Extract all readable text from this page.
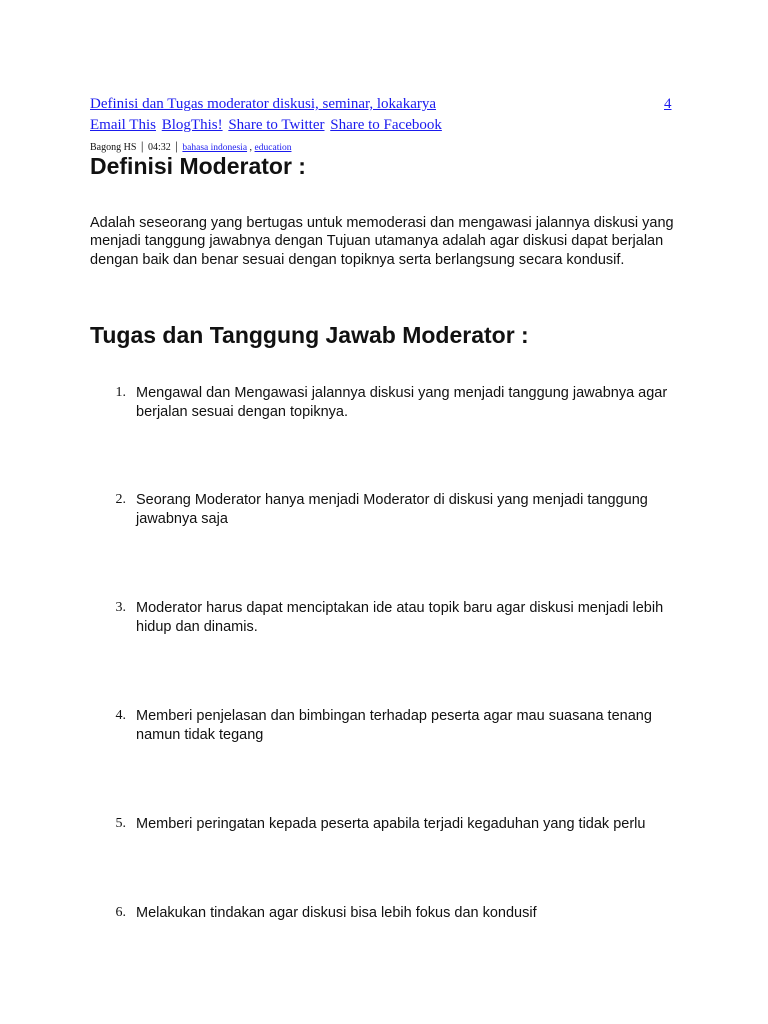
Definisi dan Tugas moderator diskusi, seminar, lokakarya	4
Email This BlogThis! Share to Twitter Share to Facebook
Bagong HS | 04:32 | bahasa indonesia , education
Definisi Moderator :

Adalah seseorang yang bertugas untuk memoderasi dan mengawasi jalannya diskusi yang menjadi tanggung jawabnya dengan Tujuan utamanya adalah agar diskusi dapat berjalan dengan baik dan benar sesuai dengan topiknya serta berlangsung secara kondusif.

Tugas dan Tanggung Jawab Moderator :
1. Mengawal dan Mengawasi jalannya diskusi yang menjadi tanggung jawabnya agar berjalan sesuai dengan topiknya.
2. Seorang Moderator hanya menjadi Moderator di diskusi yang menjadi tanggung jawabnya saja
3. Moderator harus dapat menciptakan ide atau topik baru agar diskusi menjadi lebih hidup dan dinamis.
4. Memberi penjelasan dan bimbingan terhadap peserta agar mau suasana tenang namun tidak tegang
5. Memberi peringatan kepada peserta apabila terjadi kegaduhan yang tidak perlu
6. Melakukan tindakan agar diskusi bisa lebih fokus dan kondusif
